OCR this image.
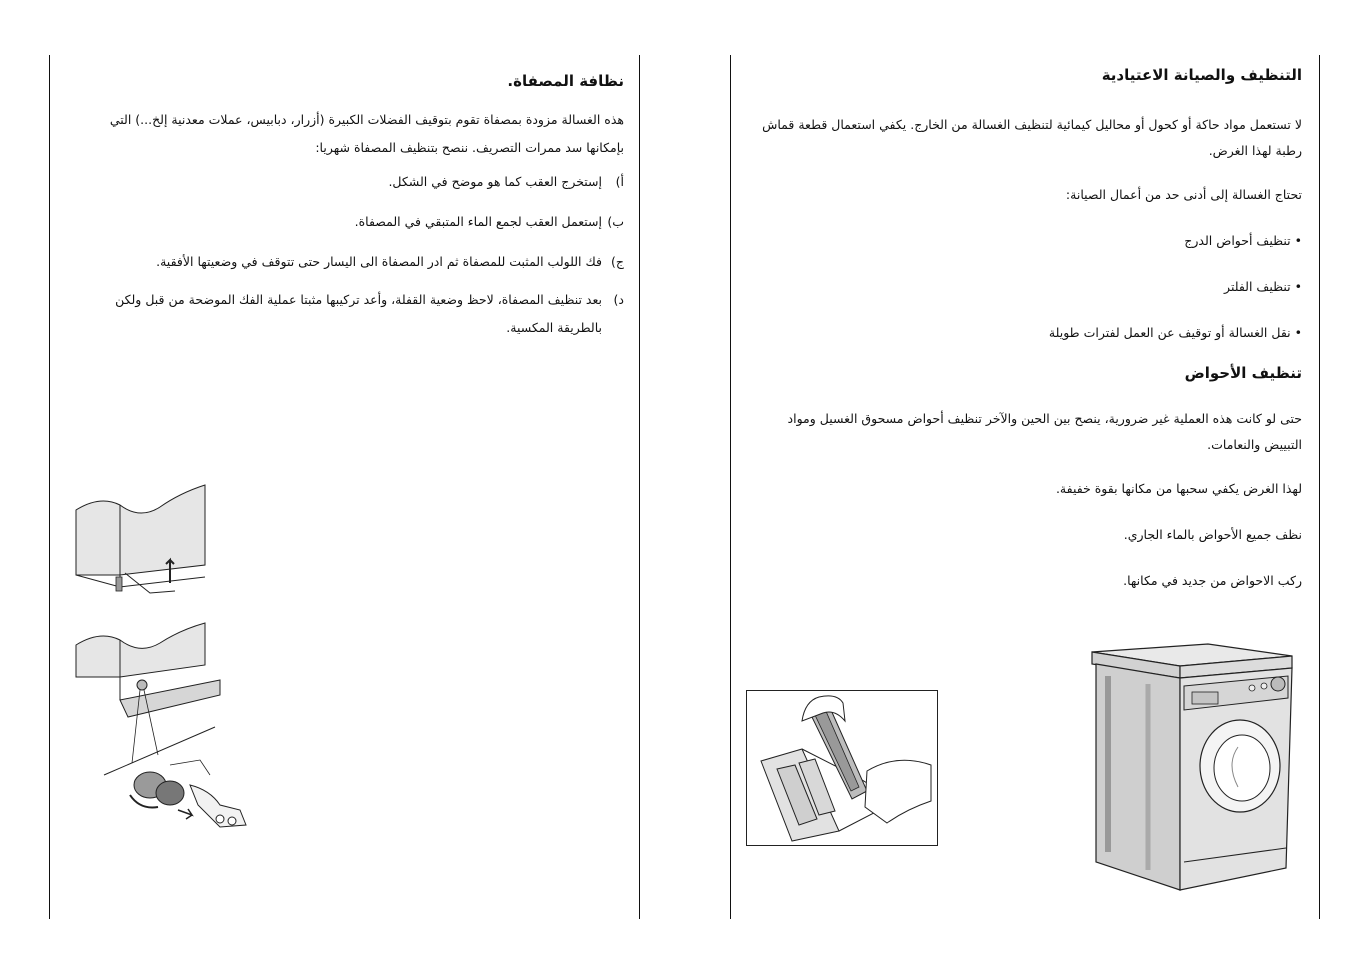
نظافة المصفاة.

هذه الغسالة مزودة بمصفاة تقوم بتوقيف الفضلات الكبيرة (أزرار، دبابيس، عملات معدنية إلخ...) التي بإمكانها سد ممرات التصريف. ننصح بتنظيف المصفاة شهريا:

أ)
إستخرج العقب كما هو موضح في الشكل.
ب)
إستعمل العقب لجمع الماء المتبقي في المصفاة.
ج)
فك اللولب المثبت للمصفاة ثم ادر المصفاة الى اليسار حتى تتوقف في وضعيتها الأفقية.
د)
بعد تنظيف المصفاة، لاحظ وضعية القفلة، وأعد تركيبها مثبتا عملية الفك الموضحة من قبل ولكن بالطريقة المكسية.
التنظيف والصيانة الاعتيادية

لا تستعمل مواد حاكة أو كحول أو محاليل كيمائية لتنظيف الغسالة من الخارج. يكفي استعمال قطعة قماش رطبة لهذا الغرض.

تحتاج الغسالة إلى أدنى حد من أعمال الصيانة:

• تنظيف أحواض الدرج

• تنظيف الفلتر

• نقل الغسالة أو توقيف عن العمل لفترات طويلة

تنظيف الأحواض

حتى لو كانت هذه العملية غير ضرورية، ينصح بين الحين والآخر تنظيف أحواض مسحوق الغسيل ومواد التبييض والنعامات.

لهذا الغرض يكفي سحبها من مكانها بقوة خفيفة.

نظف جميع الأحواض بالماء الجاري.

ركب الاحواض من جديد في مكانها.
